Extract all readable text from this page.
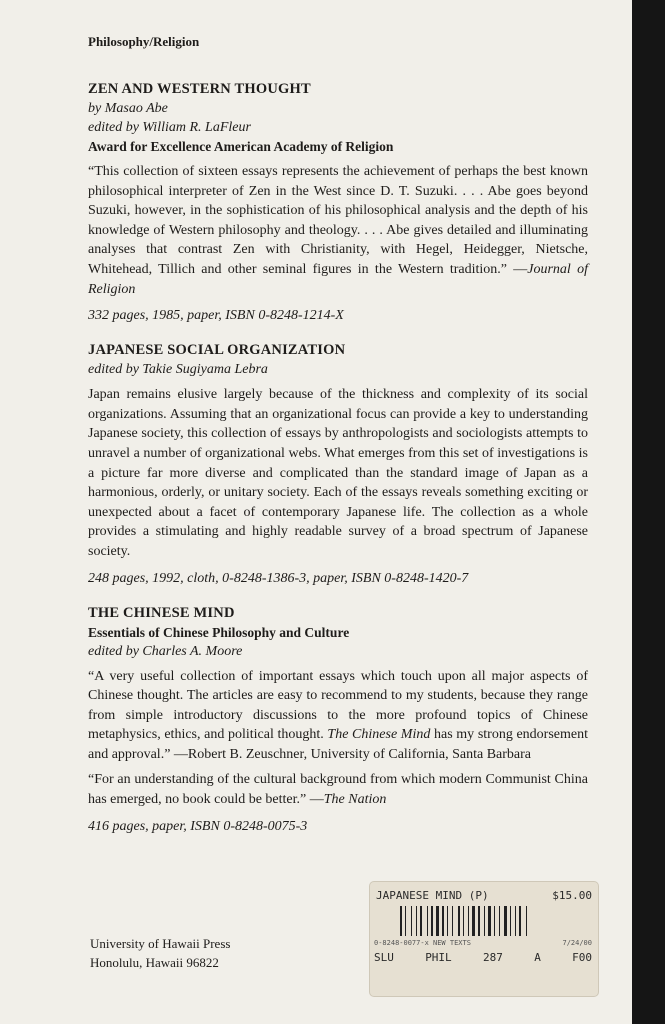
Philosophy/Religion
ZEN AND WESTERN THOUGHT
by Masao Abe
edited by William R. LaFleur
Award for Excellence American Academy of Religion
“This collection of sixteen essays represents the achievement of perhaps the best known philosophical interpreter of Zen in the West since D. T. Suzuki. . . . Abe goes beyond Suzuki, however, in the sophistication of his philosophical analysis and the depth of his knowledge of Western philosophy and theology. . . . Abe gives detailed and illuminating analyses that contrast Zen with Christianity, with Hegel, Heidegger, Nietsche, Whitehead, Tillich and other seminal figures in the Western tradition.” —Journal of Religion
332 pages, 1985, paper, ISBN 0-8248-1214-X
JAPANESE SOCIAL ORGANIZATION
edited by Takie Sugiyama Lebra
Japan remains elusive largely because of the thickness and complexity of its social organizations. Assuming that an organizational focus can provide a key to understanding Japanese society, this collection of essays by anthropologists and sociologists attempts to unravel a number of organizational webs. What emerges from this set of investigations is a picture far more diverse and complicated than the standard image of Japan as a harmonious, orderly, or unitary society. Each of the essays reveals something exciting or unexpected about a facet of contemporary Japanese life. The collection as a whole provides a stimulating and highly readable survey of a broad spectrum of Japanese society.
248 pages, 1992, cloth, 0-8248-1386-3, paper, ISBN 0-8248-1420-7
THE CHINESE MIND
Essentials of Chinese Philosophy and Culture
edited by Charles A. Moore
“A very useful collection of important essays which touch upon all major aspects of Chinese thought. The articles are easy to recommend to my students, because they range from simple introductory discussions to the more profound topics of Chinese metaphysics, ethics, and political thought. The Chinese Mind has my strong endorsement and approval.” —Robert B. Zeuschner, University of California, Santa Barbara
“For an understanding of the cultural background from which modern Communist China has emerged, no book could be better.” —The Nation
416 pages, paper, ISBN 0-8248-0075-3
University of Hawaii Press
Honolulu, Hawaii 96822
JAPANESE MIND (P)	$15.00
0-8248-0077-x NEW TEXTS	7/24/00
SLU	PHIL	287	A	F00
